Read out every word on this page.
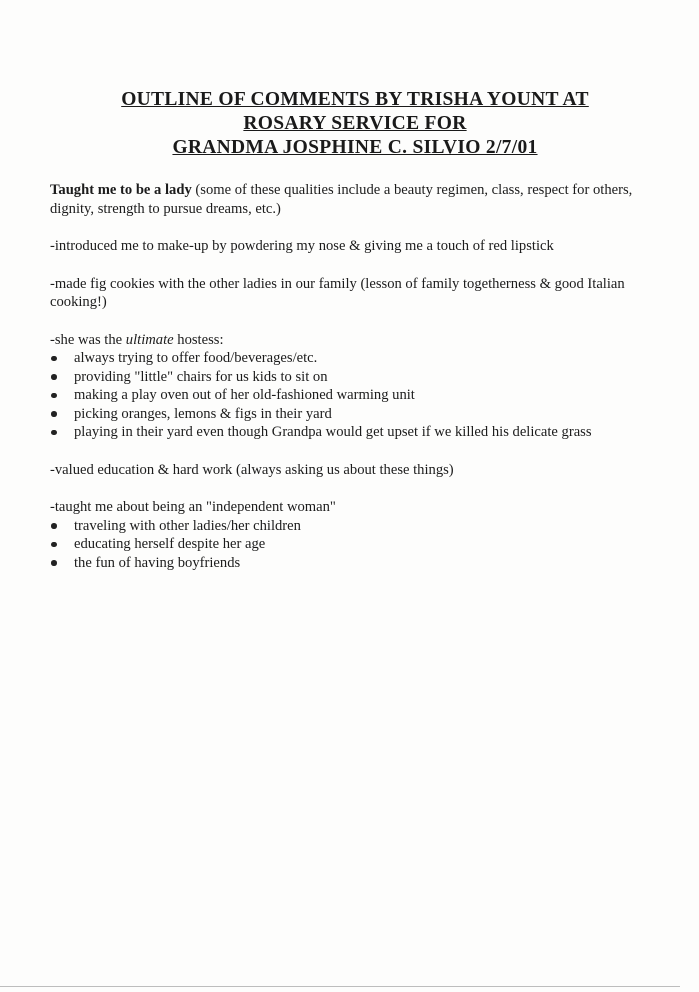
OUTLINE OF COMMENTS BY TRISHA YOUNT AT
ROSARY SERVICE FOR
GRANDMA JOSPHINE C. SILVIO 2/7/01

Taught me to be a lady (some of these qualities include a beauty regimen, class, respect for others, dignity, strength to pursue dreams, etc.)

-introduced me to make-up by powdering my nose & giving me a touch of red lipstick

-made fig cookies with the other ladies in our family (lesson of family togetherness & good Italian cooking!)

-she was the ultimate hostess:

always trying to offer food/beverages/etc.
providing "little" chairs for us kids to sit on
making a play oven out of her old-fashioned warming unit
picking oranges, lemons & figs in their yard
playing in their yard even though Grandpa would get upset if we killed his delicate grass

-valued education & hard work (always asking us about these things)

-taught me about being an "independent woman"

traveling with other ladies/her children
educating herself despite her age
the fun of having boyfriends
